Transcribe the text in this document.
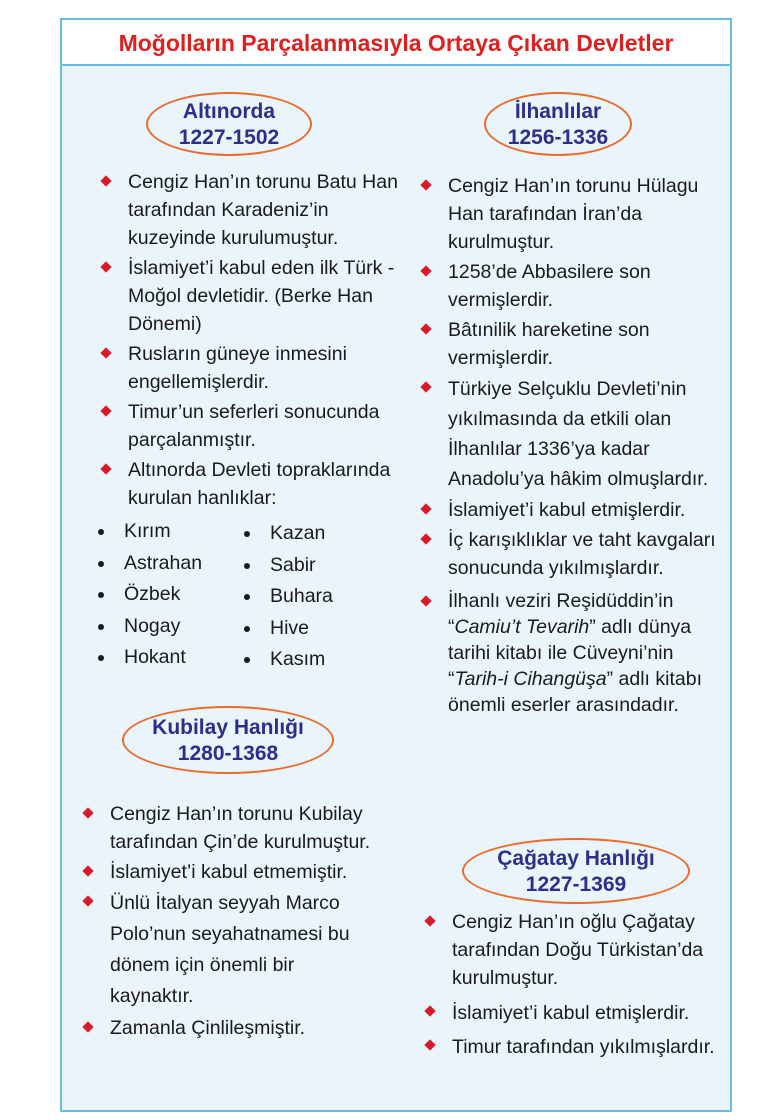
Moğolların Parçalanmasıyla Ortaya Çıkan Devletler
Altınorda
1227-1502
Cengiz Han’ın torunu Batu Han tarafından Karadeniz’in kuzeyinde kurulumuştur.
İslamiyet’i kabul eden ilk Türk - Moğol devletidir. (Berke Han Dönemi)
Rusların güneye inmesini engellemişlerdir.
Timur’un seferleri sonucunda parçalanmıştır.
Altınorda Devleti topraklarında kurulan hanlıklar:
Kırım
Astrahan
Özbek
Nogay
Hokant
Kazan
Sabir
Buhara
Hive
Kasım
Kubilay Hanlığı
1280-1368
Cengiz Han’ın torunu Kubilay tarafından Çin’de kurulmuştur.
İslamiyet’i kabul etmemiştir.
Ünlü İtalyan seyyah Marco Polo’nun seyahatnamesi bu dönem için önemli bir kaynaktır.
Zamanla Çinlileşmiştir.
İlhanlılar
1256-1336
Cengiz Han’ın torunu Hülagu Han tarafından İran’da kurulmuştur.
1258’de Abbasilere son vermişlerdir.
Bâtınilik hareketine son vermişlerdir.
Türkiye Selçuklu Devleti’nin yıkılmasında da etkili olan İlhanlılar 1336’ya kadar Anadolu’ya hâkim olmuşlardır.
İslamiyet’i kabul etmişlerdir.
İç karışıklıklar ve taht kavgaları sonucunda yıkılmışlardır.
İlhanlı veziri Reşidüddin’in “Camiu’t Tevarih” adlı dünya tarihi kitabı ile Cüveyni’nin “Tarih-i Cihangüşa” adlı kitabı önemli eserler arasındadır.
Çağatay Hanlığı
1227-1369
Cengiz Han’ın oğlu Çağatay tarafından Doğu Türkistan’da kurulmuştur.
İslamiyet’i kabul etmişlerdir.
Timur tarafından yıkılmışlardır.
